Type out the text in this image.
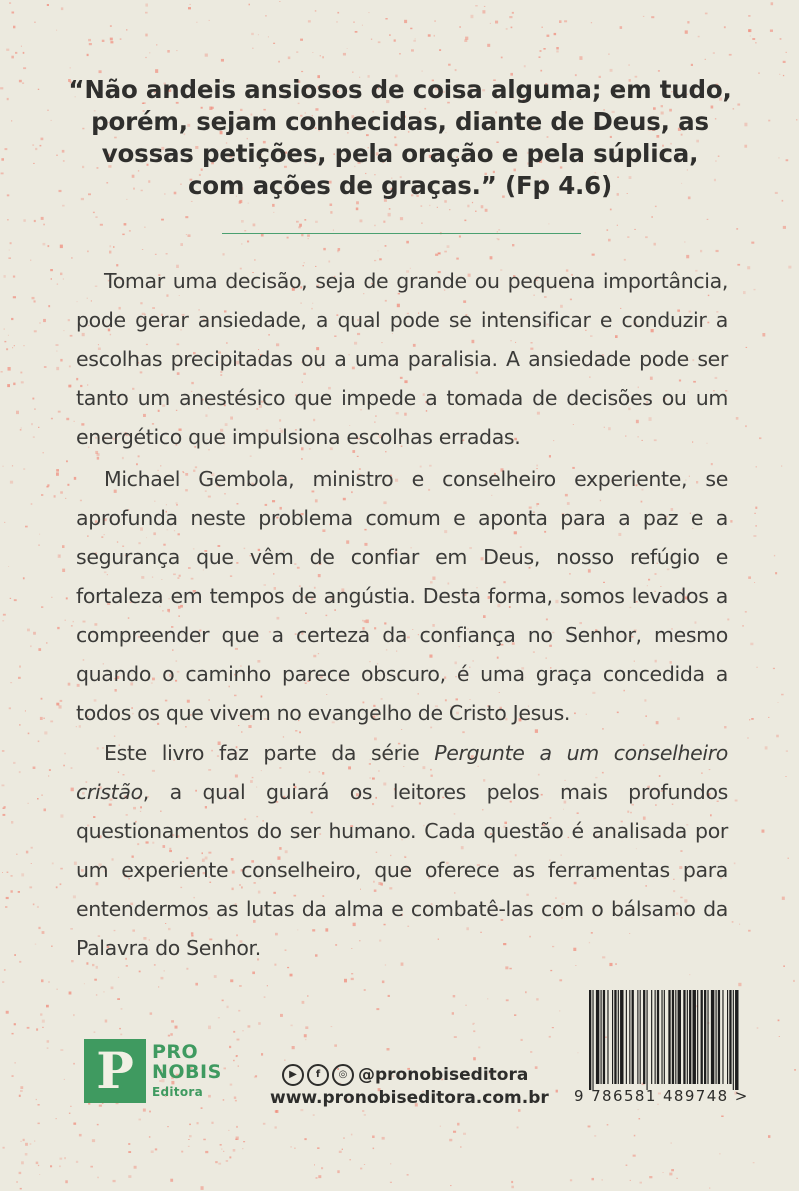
“Não andeis ansiosos de coisa alguma; em tudo,
porém, sejam conhecidas, diante de Deus, as
vossas petições, pela oração e pela súplica,
com ações de graças.” (Fp 4.6)

Tomar uma decisão, seja de grande ou pequena importância, pode gerar ansiedade, a qual pode se intensificar e conduzir a escolhas precipitadas ou a uma paralisia. A ansiedade pode ser tanto um anestésico que impede a tomada de decisões ou um energético que impulsiona escolhas erradas.

Michael Gembola, ministro e conselheiro experiente, se aprofunda neste problema comum e aponta para a paz e a segurança que vêm de confiar em Deus, nosso refúgio e fortaleza em tempos de angústia. Desta forma, somos levados a compreender que a certeza da confiança no Senhor, mesmo quando o caminho parece obscuro, é uma graça concedida a todos os que vivem no evangelho de Cristo Jesus.

Este livro faz parte da série Pergunte a um conselheiro cristão, a qual guiará os leitores pelos mais profundos questionamentos do ser humano. Cada questão é analisada por um experiente conselheiro, que oferece as ferramentas para entendermos as lutas da alma e combatê-las com o bálsamo da Palavra do Senhor.

P PRO
NOBIS
Editora
▶	f	◎ @pronobiseditora
www.pronobiseditora.com.br 9 786581 489748 >
